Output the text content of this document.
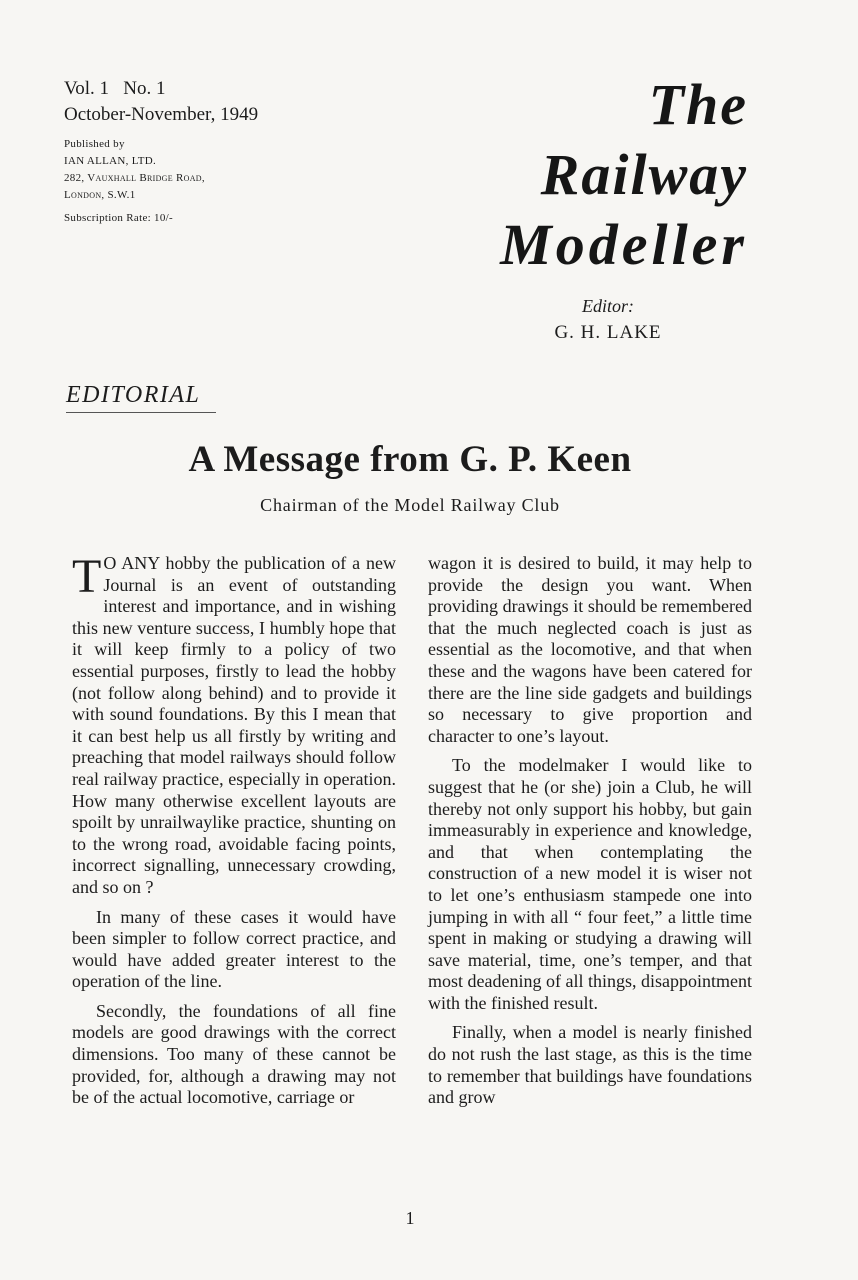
Vol. 1   No. 1
October-November, 1949
Published by
IAN ALLAN, LTD.
282, Vauxhall Bridge Road,
London, S.W.1
Subscription Rate: 10/-
The
Railway
Modeller
Editor:
G. H. LAKE
EDITORIAL
A Message from G. P. Keen
Chairman of the Model Railway Club

T O ANY hobby the publication of a new Journal is an event of outstanding interest and importance, and in wishing this new venture success, I humbly hope that it will keep firmly to a policy of two essential purposes, firstly to lead the hobby (not follow along behind) and to provide it with sound foundations. By this I mean that it can best help us all firstly by writing and preaching that model railways should follow real railway practice, especially in operation. How many otherwise excellent layouts are spoilt by unrailwaylike practice, shunting on to the wrong road, avoidable facing points, incorrect signalling, unnecessary crowding, and so on ?

In many of these cases it would have been simpler to follow correct practice, and would have added greater interest to the operation of the line.

Secondly, the foundations of all fine models are good drawings with the correct dimensions. Too many of these cannot be provided, for, although a drawing may not be of the actual locomotive, carriage or

wagon it is desired to build, it may help to provide the design you want. When providing drawings it should be remembered that the much neglected coach is just as essential as the locomotive, and that when these and the wagons have been catered for there are the line side gadgets and buildings so necessary to give proportion and character to one’s layout.

To the modelmaker I would like to suggest that he (or she) join a Club, he will thereby not only support his hobby, but gain immeasurably in experience and knowledge, and that when contemplating the construction of a new model it is wiser not to let one’s enthusiasm stampede one into jumping in with all “ four feet,” a little time spent in making or studying a drawing will save material, time, one’s temper, and that most deadening of all things, disappointment with the finished result.

Finally, when a model is nearly finished do not rush the last stage, as this is the time to remember that buildings have foundations and grow

1
